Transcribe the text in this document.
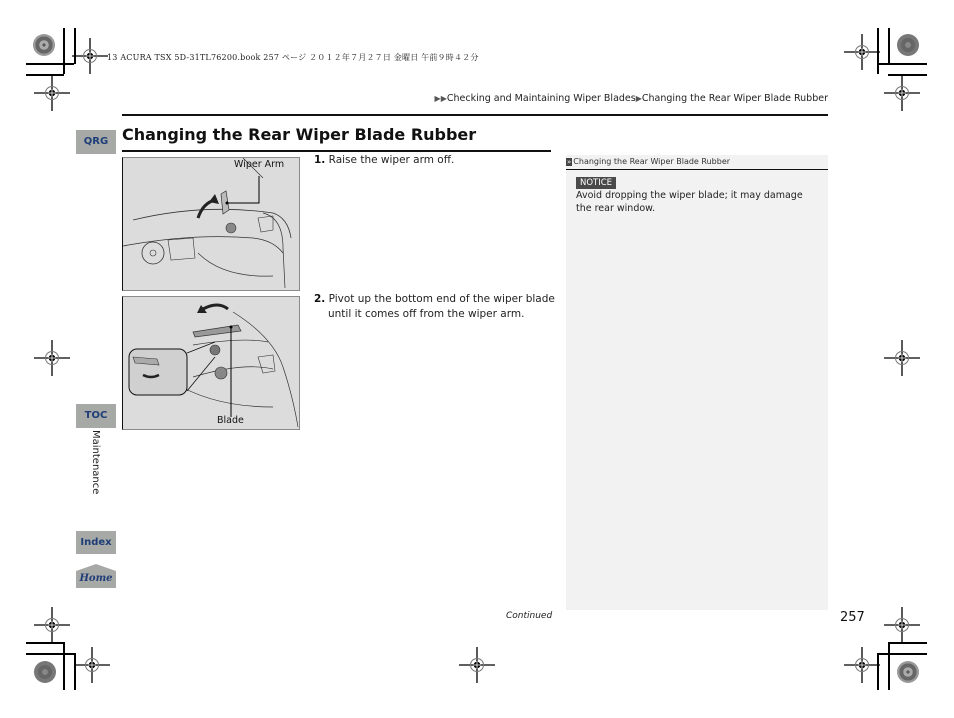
13 ACURA TSX 5D-31TL76200.book 257 ページ ２０１２年７月２７日 金曜日 午前９時４２分
▶▶Checking and Maintaining Wiper Blades▶Changing the Rear Wiper Blade Rubber
Changing the Rear Wiper Blade Rubber
QRG
TOC
Maintenance
Index
Home
Wiper Arm
Blade
1. Raise the wiper arm off.
2. Pivot up the bottom end of the wiper blade
until it comes off from the wiper arm.
» Changing the Rear Wiper Blade Rubber
NOTICE
Avoid dropping the wiper blade; it may damage the rear window.
Continued	257
